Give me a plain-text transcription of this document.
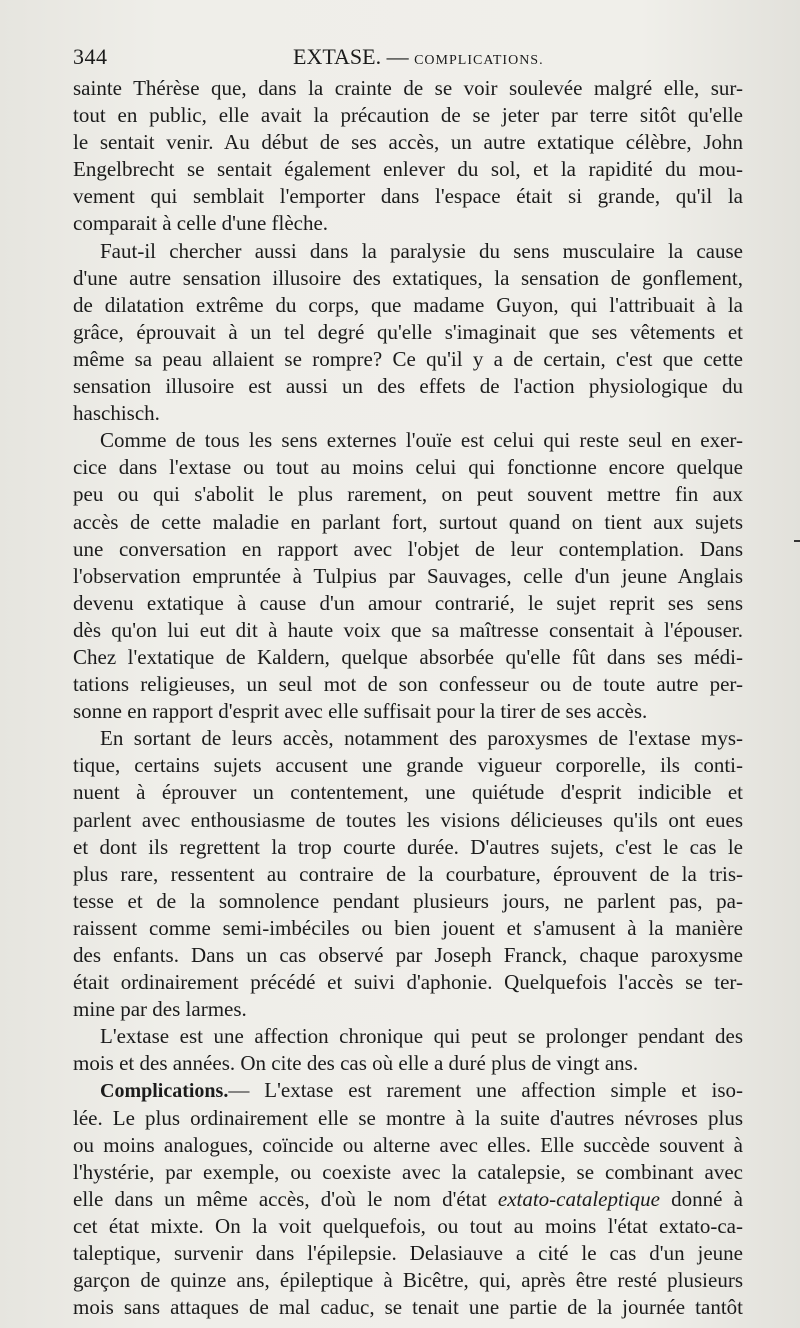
344	EXTASE. — COMPLICATIONS.
sainte Thérèse que, dans la crainte de se voir soulevée malgré elle, sur-
tout en public, elle avait la précaution de se jeter par terre sitôt qu'elle
le sentait venir. Au début de ses accès, un autre extatique célèbre, John
Engelbrecht se sentait également enlever du sol, et la rapidité du mou-
vement qui semblait l'emporter dans l'espace était si grande, qu'il la
comparait à celle d'une flèche.
Faut-il chercher aussi dans la paralysie du sens musculaire la cause
d'une autre sensation illusoire des extatiques, la sensation de gonflement,
de dilatation extrême du corps, que madame Guyon, qui l'attribuait à la
grâce, éprouvait à un tel degré qu'elle s'imaginait que ses vêtements et
même sa peau allaient se rompre? Ce qu'il y a de certain, c'est que cette
sensation illusoire est aussi un des effets de l'action physiologique du
haschisch.
Comme de tous les sens externes l'ouïe est celui qui reste seul en exer-
cice dans l'extase ou tout au moins celui qui fonctionne encore quelque
peu ou qui s'abolit le plus rarement, on peut souvent mettre fin aux
accès de cette maladie en parlant fort, surtout quand on tient aux sujets
une conversation en rapport avec l'objet de leur contemplation. Dans
l'observation empruntée à Tulpius par Sauvages, celle d'un jeune Anglais
devenu extatique à cause d'un amour contrarié, le sujet reprit ses sens
dès qu'on lui eut dit à haute voix que sa maîtresse consentait à l'épouser.
Chez l'extatique de Kaldern, quelque absorbée qu'elle fût dans ses médi-
tations religieuses, un seul mot de son confesseur ou de toute autre per-
sonne en rapport d'esprit avec elle suffisait pour la tirer de ses accès.
En sortant de leurs accès, notamment des paroxysmes de l'extase mys-
tique, certains sujets accusent une grande vigueur corporelle, ils conti-
nuent à éprouver un contentement, une quiétude d'esprit indicible et
parlent avec enthousiasme de toutes les visions délicieuses qu'ils ont eues
et dont ils regrettent la trop courte durée. D'autres sujets, c'est le cas le
plus rare, ressentent au contraire de la courbature, éprouvent de la tris-
tesse et de la somnolence pendant plusieurs jours, ne parlent pas, pa-
raissent comme semi-imbéciles ou bien jouent et s'amusent à la manière
des enfants. Dans un cas observé par Joseph Franck, chaque paroxysme
était ordinairement précédé et suivi d'aphonie. Quelquefois l'accès se ter-
mine par des larmes.
L'extase est une affection chronique qui peut se prolonger pendant des
mois et des années. On cite des cas où elle a duré plus de vingt ans.
Complications.— L'extase est rarement une affection simple et iso-
lée. Le plus ordinairement elle se montre à la suite d'autres névroses plus
ou moins analogues, coïncide ou alterne avec elles. Elle succède souvent à
l'hystérie, par exemple, ou coexiste avec la catalepsie, se combinant avec
elle dans un même accès, d'où le nom d'état extato-cataleptique donné à
cet état mixte. On la voit quelquefois, ou tout au moins l'état extato-ca-
taleptique, survenir dans l'épilepsie. Delasiauve a cité le cas d'un jeune
garçon de quinze ans, épileptique à Bicêtre, qui, après être resté plusieurs
mois sans attaques de mal caduc, se tenait une partie de la journée tantôt
